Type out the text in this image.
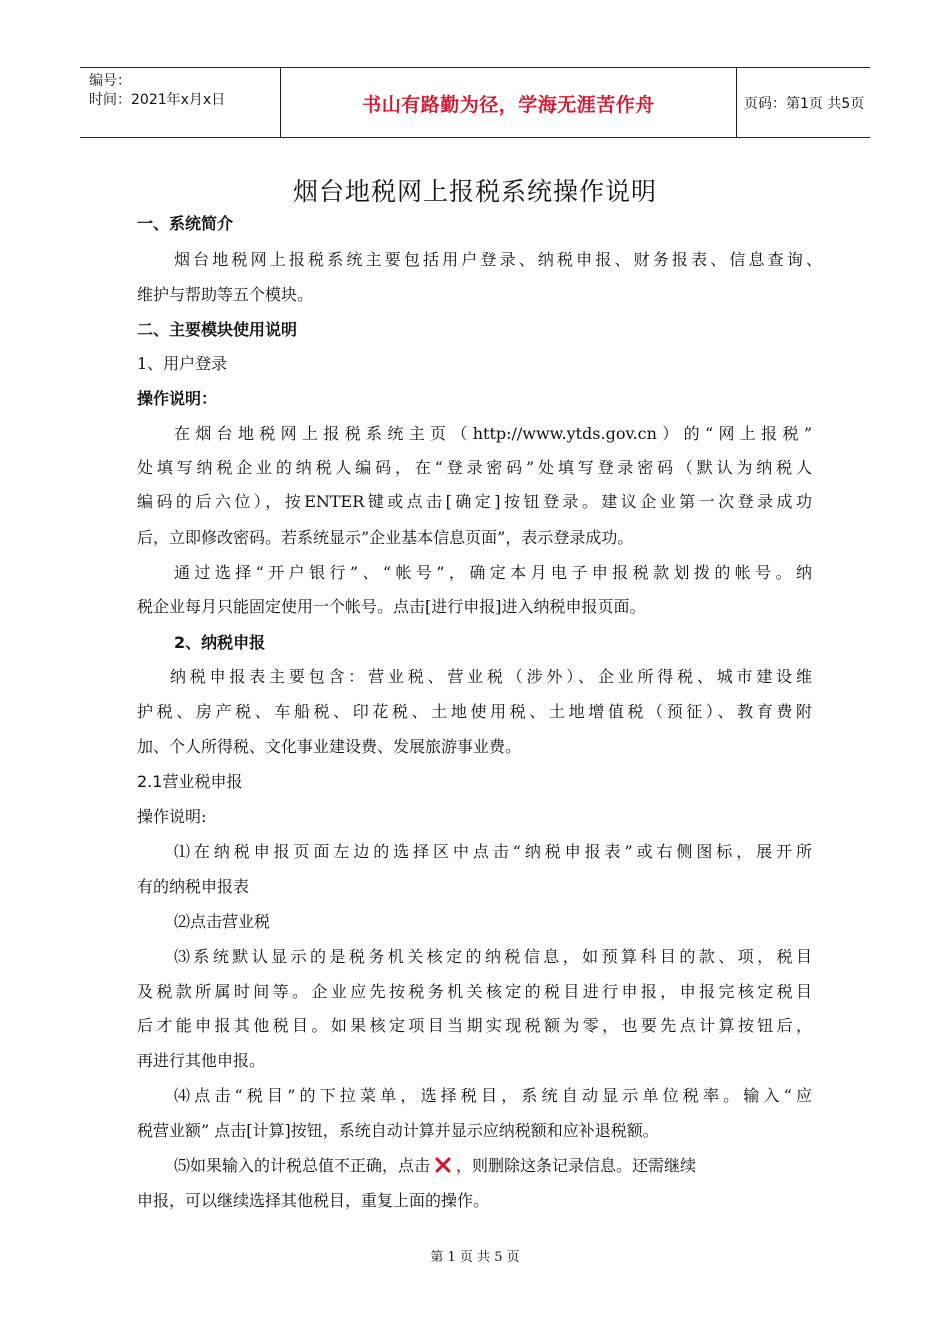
编号：
时间：2021年x月x日	书山有路勤为径，学海无涯苦作舟	页码：第1页 共5页
烟台地税网上报税系统操作说明
一、系统简介
烟台地税网上报税系统主要包括用户登录、纳税申报、财务报表、信息查询、
维护与帮助等五个模块。
二、主要模块使用说明
1、用户登录
操作说明：
在烟台地税网上报税系统主页（http://www.ytds.gov.cn）的“网上报税”
处填写纳税企业的纳税人编码，在“登录密码”处填写登录密码（默认为纳税人
编码的后六位），按ENTER键或点击[确定]按钮登录。建议企业第一次登录成功
后，立即修改密码。若系统显示”企业基本信息页面”，表示登录成功。
通过选择“开户银行”、“帐号”，确定本月电子申报税款划拨的帐号。纳
税企业每月只能固定使用一个帐号。点击[进行申报]进入纳税申报页面。
2、纳税申报
纳税申报表主要包含：营业税、营业税（涉外）、企业所得税、城市建设维
护税、房产税、车船税、印花税、土地使用税、土地增值税（预征）、教育费附
加、个人所得税、文化事业建设费、发展旅游事业费。
2.1营业税申报
操作说明:
⑴在纳税申报页面左边的选择区中点击“纳税申报表”或右侧图标，展开所
有的纳税申报表
⑵点击营业税
⑶系统默认显示的是税务机关核定的纳税信息，如预算科目的款、项，税目
及税款所属时间等。企业应先按税务机关核定的税目进行申报，申报完核定税目
后才能申报其他税目。如果核定项目当期实现税额为零，也要先点计算按钮后，
再进行其他申报。
⑷点击“税目”的下拉菜单，选择税目，系统自动显示单位税率。输入“应
税营业额” 点击[计算]按钮，系统自动计算并显示应纳税额和应补退税额。
⑸如果输入的计税总值不正确，点击 ，则删除这条记录信息。还需继续
申报，可以继续选择其他税目，重复上面的操作。
第 1 页 共 5 页
